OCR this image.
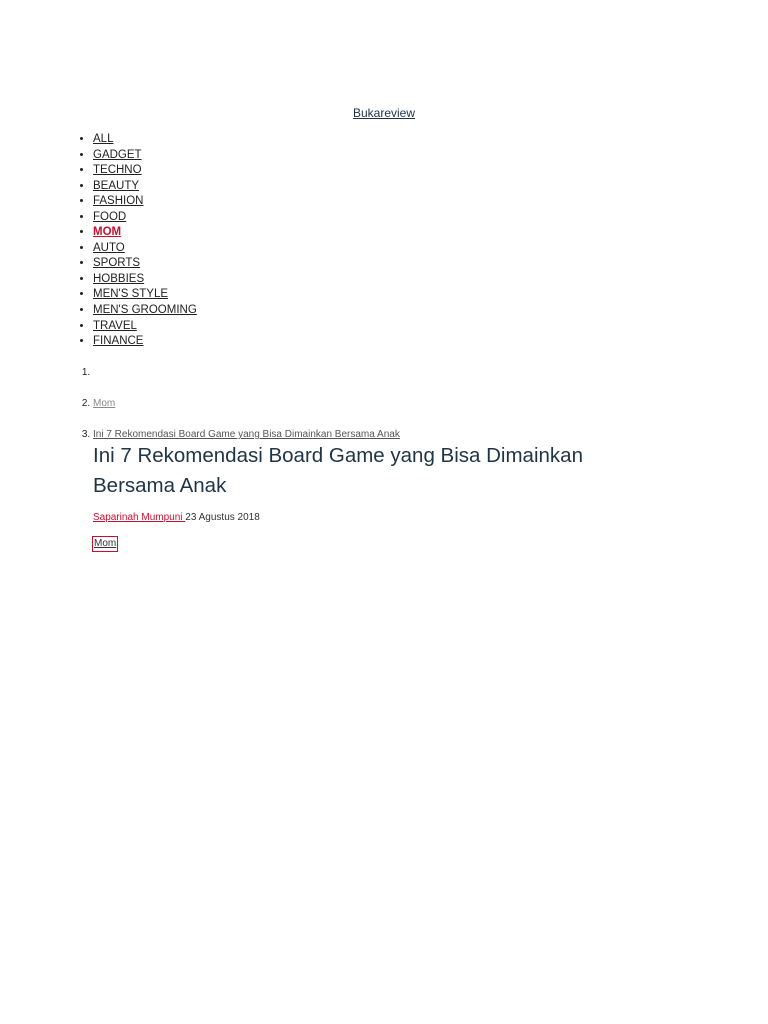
Bukareview
• ALL
• GADGET
• TECHNO
• BEAUTY
• FASHION
• FOOD
• MOM
• AUTO
• SPORTS
• HOBBIES
• MEN'S STYLE
• MEN'S GROOMING
• TRAVEL
• FINANCE
1.
2. Mom
3. Ini 7 Rekomendasi Board Game yang Bisa Dimainkan Bersama Anak
Ini 7 Rekomendasi Board Game yang Bisa Dimainkan Bersama Anak
Saparinah Mumpuni 23 Agustus 2018
Mom
